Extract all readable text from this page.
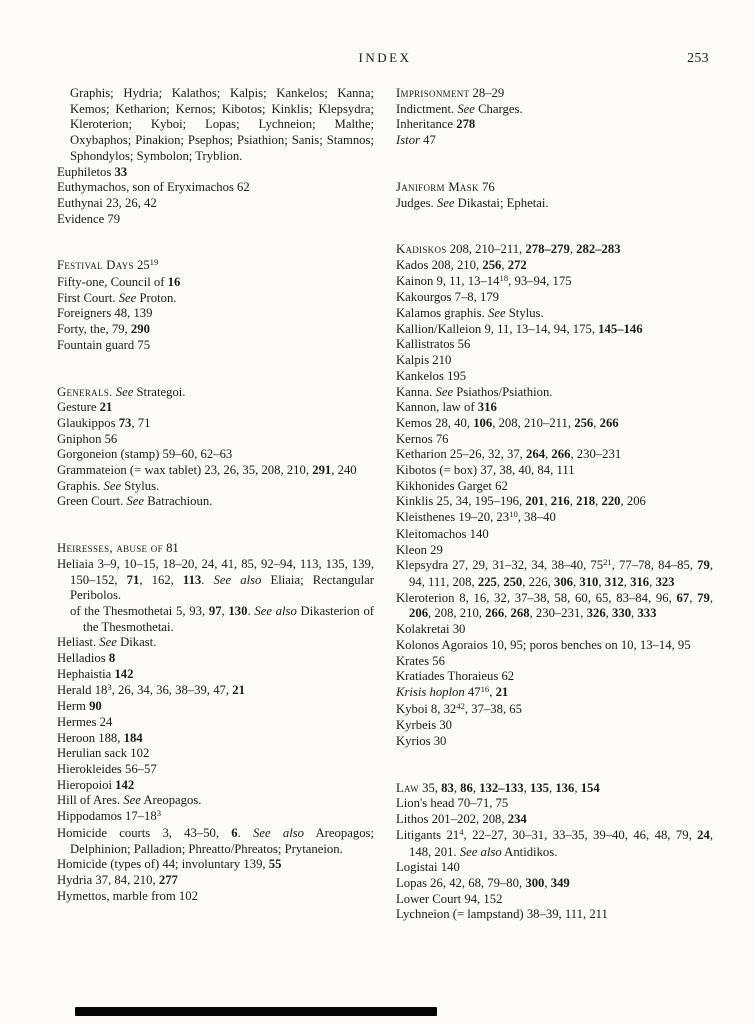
INDEX	253

Graphis; Hydria; Kalathos; Kalpis; Kankelos; Kanna; Kemos; Ketharion; Kernos; Kibotos; Kinklis; Klepsydra; Kleroterion; Kyboi; Lopas; Lychneion; Malthe; Oxybaphos; Pinakion; Psephos; Psiathion; Sanis; Stamnos; Sphondylos; Symbolon; Tryblion.

Euphiletos 33

Euthymachos, son of Eryximachos 62

Euthynai 23, 26, 42

Evidence 79

Festival Days $25^{19}$

Fifty-one, Council of 16

First Court. See Proton.

Foreigners 48, 139

Forty, the, 79, 290

Fountain guard 75

Generals. See Strategoi.

Gesture 21

Glaukippos 73, 71

Gniphon 56

Gorgoneion (stamp) 59–60, 62–63

Grammateion (= wax tablet) 23, 26, 35, 208, 210, 291, 240

Graphis. See Stylus.

Green Court. See Batrachioun.

Heiresses, abuse of 81

Heliaia 3–9, 10–15, 18–20, 24, 41, 85, 92–94, 113, 135, 139, 150–152, 71, 162, 113. See also Eliaia; Rectangular Peribolos.

of the Thesmothetai 5, 93, 97, 130. See also Dikasterion of the Thesmothetai.

Heliast. See Dikast.

Helladios 8

Hephaistia 142

Herald $18^3$, 26, 34, 36, 38–39, 47, 21

Herm 90

Hermes 24

Heroon 188, 184

Herulian sack 102

Hierokleides 56–57

Hieropoioi 142

Hill of Ares. See Areopagos.

Hippodamos $17-18^3$

Homicide courts 3, 43–50, 6. See also Areopagos; Delphinion; Palladion; Phreatto/Phreatos; Prytaneion.

Homicide (types of) 44; involuntary 139, 55

Hydria 37, 84, 210, 277

Hymettos, marble from 102

Imprisonment 28–29

Indictment. See Charges.

Inheritance 278

Istor 47

Janiform Mask 76

Judges. See Dikastai; Ephetai.

Kadiskos 208, 210–211, 278–279, 282–283

Kados 208, 210, 256, 272

Kainon 9, 11, $13-14^{18}$, 93–94, 175

Kakourgos 7–8, 179

Kalamos graphis. See Stylus.

Kallion/Kalleion 9, 11, 13–14, 94, 175, 145–146

Kallistratos 56

Kalpis 210

Kankelos 195

Kanna. See Psiathos/Psiathion.

Kannon, law of 316

Kemos 28, 40, 106, 208, 210–211, 256, 266

Kernos 76

Ketharion 25–26, 32, 37, 264, 266, 230–231

Kibotos (= box) 37, 38, 40, 84, 111

Kikhonides Garget 62

Kinklis 25, 34, 195–196, 201, 216, 218, 220, 206

Kleisthenes 19–20, $23^{10}$, 38–40

Kleitomachos 140

Kleon 29

Klepsydra 27, 29, 31–32, 34, 38–40, $75^{21}$, 77–78, 84–85, 79, 94, 111, 208, 225, 250, 226, 306, 310, 312, 316, 323

Kleroterion 8, 16, 32, 37–38, 58, 60, 65, 83–84, 96, 67, 79, 206, 208, 210, 266, 268, 230–231, 326, 330, 333

Kolakretai 30

Kolonos Agoraios 10, 95; poros benches on 10, 13–14, 95

Krates 56

Kratiades Thoraieus 62

Krisis hoplon $47^{16}$, 21

Kyboi 8, $32^{42}$, 37–38, 65

Kyrbeis 30

Kyrios 30

Law 35, 83, 86, 132–133, 135, 136, 154

Lion's head 70–71, 75

Lithos 201–202, 208, 234

Litigants $21^4$, 22–27, 30–31, 33–35, 39–40, 46, 48, 79, 24, 148, 201. See also Antidikos.

Logistai 140

Lopas 26, 42, 68, 79–80, 300, 349

Lower Court 94, 152

Lychneion (= lampstand) 38–39, 111, 211
